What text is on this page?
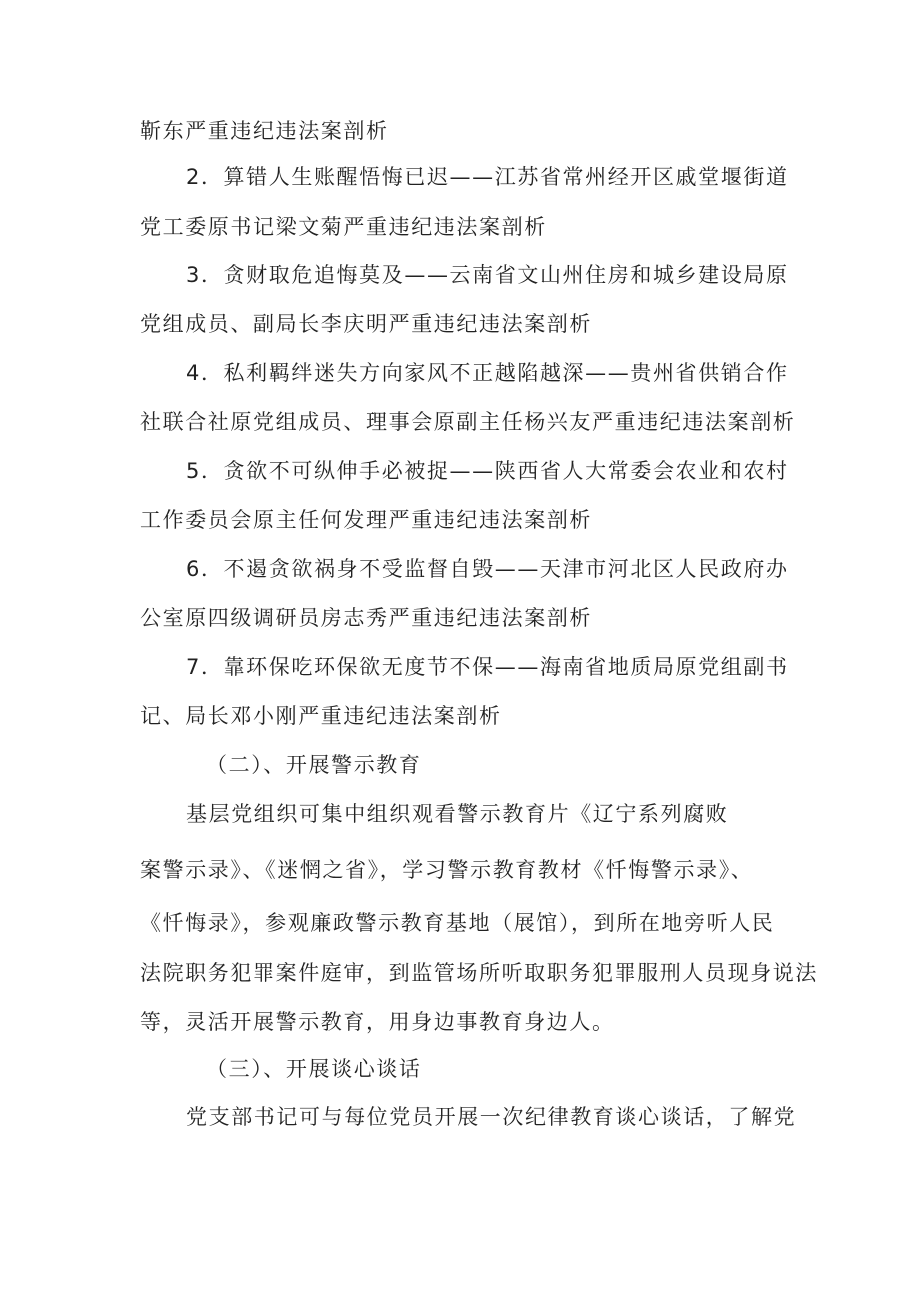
靳东严重违纪违法案剖析
2．算错人生账醒悟悔已迟——江苏省常州经开区戚堂堰街道
党工委原书记梁文菊严重违纪违法案剖析
3．贪财取危追悔莫及——云南省文山州住房和城乡建设局原
党组成员、副局长李庆明严重违纪违法案剖析
4．私利羁绊迷失方向家风不正越陷越深——贵州省供销合作
社联合社原党组成员、理事会原副主任杨兴友严重违纪违法案剖析
5．贪欲不可纵伸手必被捉——陕西省人大常委会农业和农村
工作委员会原主任何发理严重违纪违法案剖析
6．不遏贪欲祸身不受监督自毁——天津市河北区人民政府办
公室原四级调研员房志秀严重违纪违法案剖析
7．靠环保吃环保欲无度节不保——海南省地质局原党组副书
记、局长邓小刚严重违纪违法案剖析
（二）、开展警示教育
基层党组织可集中组织观看警示教育片《辽宁系列腐败
案警示录》、《迷惘之省》，学习警示教育教材《忏悔警示录》、
《忏悔录》，参观廉政警示教育基地（展馆），到所在地旁听人民
法院职务犯罪案件庭审，到监管场所听取职务犯罪服刑人员现身说法
等，灵活开展警示教育，用身边事教育身边人。
（三）、开展谈心谈话
党支部书记可与每位党员开展一次纪律教育谈心谈话，了解党
